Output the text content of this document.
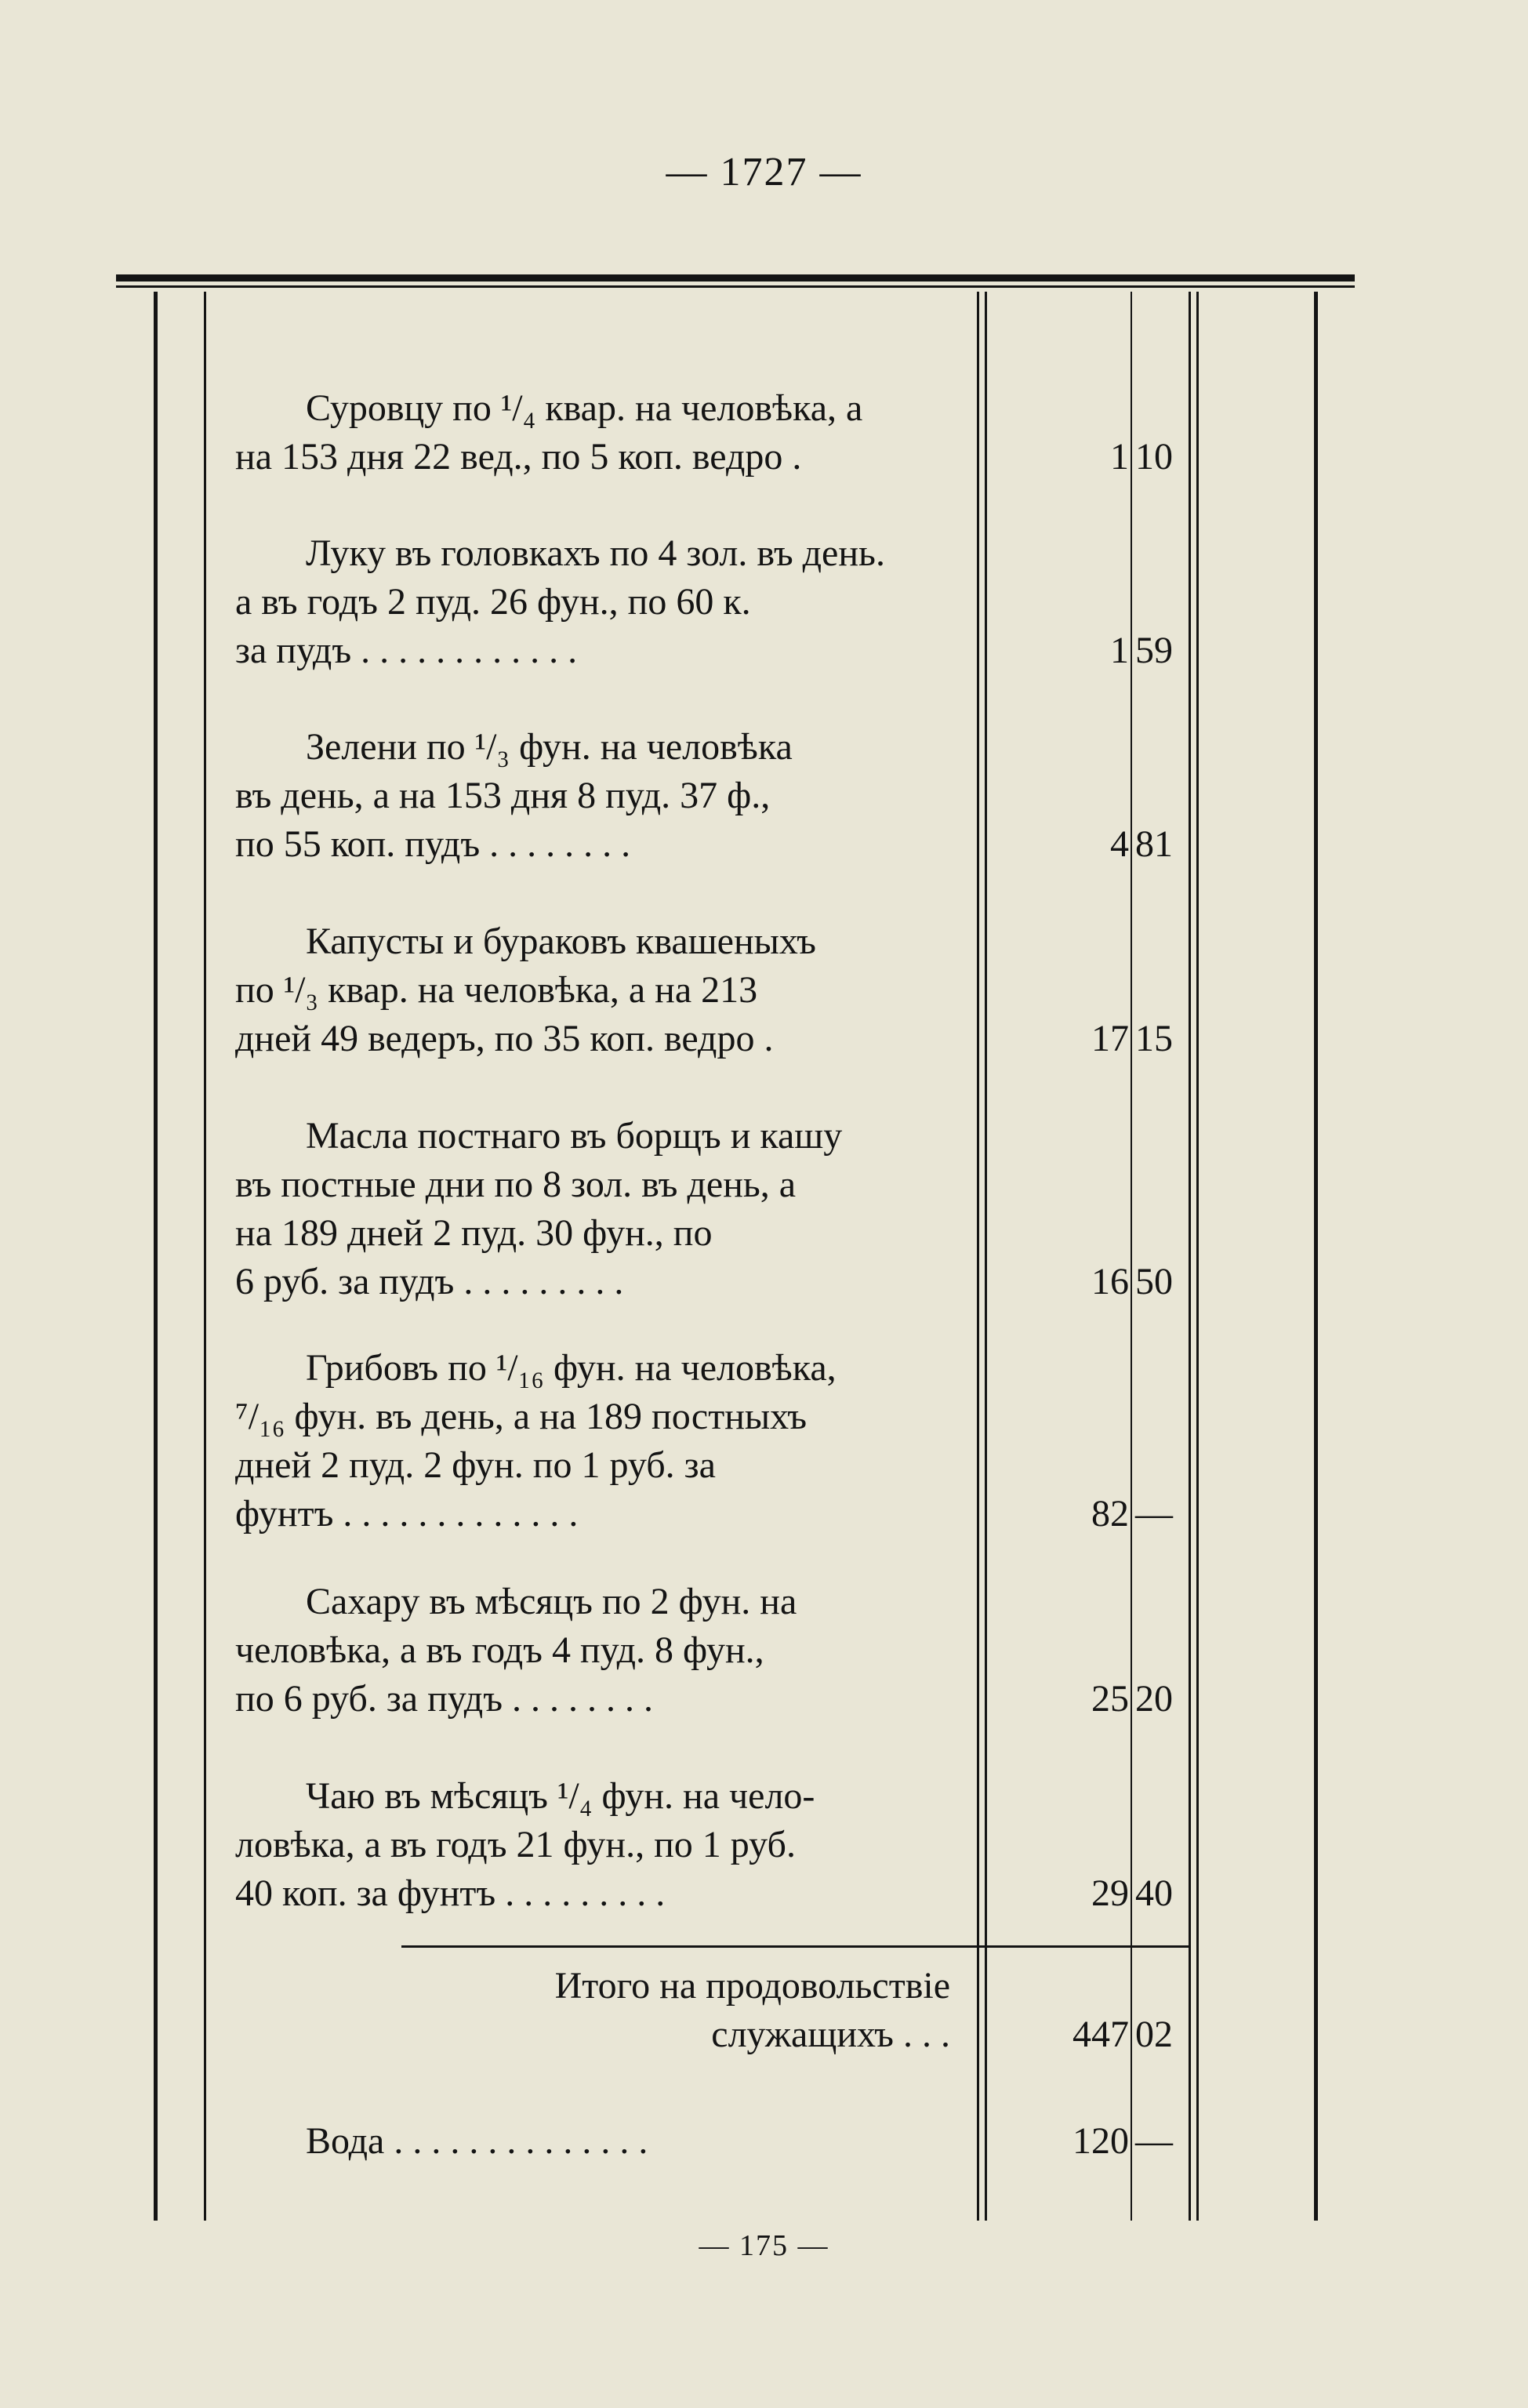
— 1727 —
Суровцу по ¹/₄ квар. на человѣка, а
на 153 дня 22 вед., по 5 коп. ведро .	1 10
Луку въ головкахъ по 4 зол. въ день.
а въ годъ 2 пуд. 26 фун., по 60 к.
за пудъ . . . . . . . . . . . .	1 59
Зелени по ¹/₃ фун. на человѣка
въ день, а на 153 дня 8 пуд. 37 ф.,
по 55 коп. пудъ . . . . . . . .	4 81
Капусты и бураковъ квашеныхъ
по ¹/₃ квар. на человѣка, а на 213
дней 49 ведеръ, по 35 коп. ведро .	17 15
Масла постнаго въ борщъ и кашу
въ постные дни по 8 зол. въ день, а
на 189 дней 2 пуд. 30 фун., по
6 руб. за пудъ . . . . . . . . .	16 50
Грибовъ по ¹/₁₆ фун. на человѣка,
⁷/₁₆ фун. въ день, а на 189 постныхъ
дней 2 пуд. 2 фун. по 1 руб. за
фунтъ . . . . . . . . . . . . .	82 —
Сахару въ мѣсяцъ по 2 фун. на
человѣка, а въ годъ 4 пуд. 8 фун.,
по 6 руб. за пудъ . . . . . . . .	25 20
Чаю въ мѣсяцъ ¹/₄ фун. на чело-
ловѣка, а въ годъ 21 фун., по 1 руб.
40 коп. за фунтъ . . . . . . . . .	29 40
Итого на продовольствіе
служащихъ . . .	447 02
Вода . . . . . . . . . . . . . .	120 —
— 175 —
